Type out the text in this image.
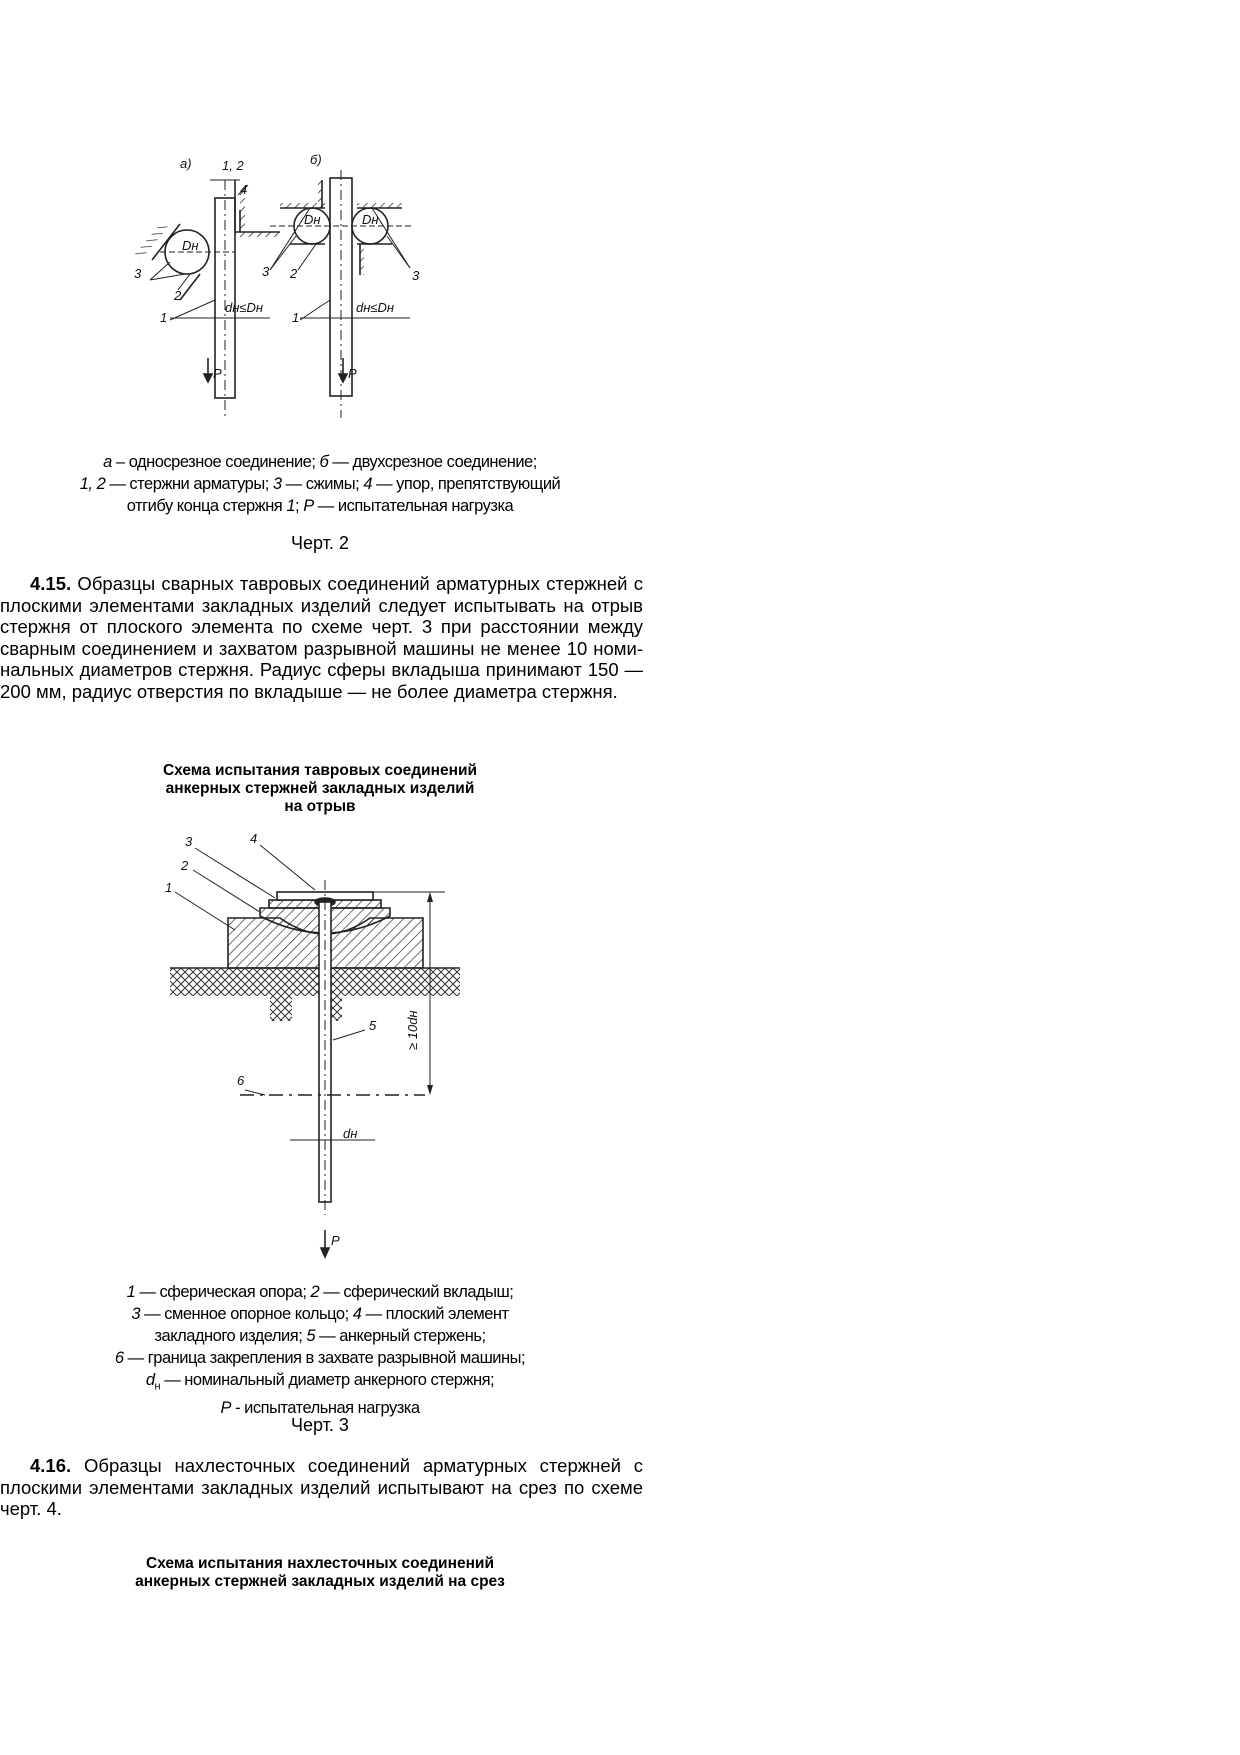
а)	б)
1, 2
4
3
2
1
Dн
dн≤Dн
P
3	3
2
1
Dн	Dн
dн≤Dн
P
а – односрезное соединение; б — двухсрезное соединение;
1, 2 — стержни арматуры; 3 — сжимы; 4 — упор, препятствующий
отгибу конца стержня 1; P — испытательная нагрузка
Черт. 2
4.15. Образцы сварных тавровых соединений арматурных стержней с плоскими элементами закладных изделий следует испытывать на отрыв стержня от плоского элемента по схеме черт. 3 при расстоянии между сварным соединением и захватом разрывной машины не менее 10 номинальных диаметров стержня. Радиус сферы вкладыша принимают 150 — 200 мм, радиус отверстия по вкладыше — не более диаметра стержня.
Схема испытания тавровых соединений
анкерных стержней закладных изделий
на отрыв
3	4
2
1
5
6
dн
≥ 10dн
P
1 — сферическая опора; 2 — сферический вкладыш;
3 — сменное опорное кольцо; 4 — плоский элемент
закладного изделия; 5 — анкерный стержень;
6 — граница закрепления в захвате разрывной машины;
$d_н$ — номинальный диаметр анкерного стержня;
P - испытательная нагрузка
Черт. 3
4.16. Образцы нахлесточных соединений арматурных стержней с плоскими элементами закладных изделий испытывают на срез по схеме черт. 4.
Схема испытания нахлесточных соединений
анкерных стержней закладных изделий на срез
